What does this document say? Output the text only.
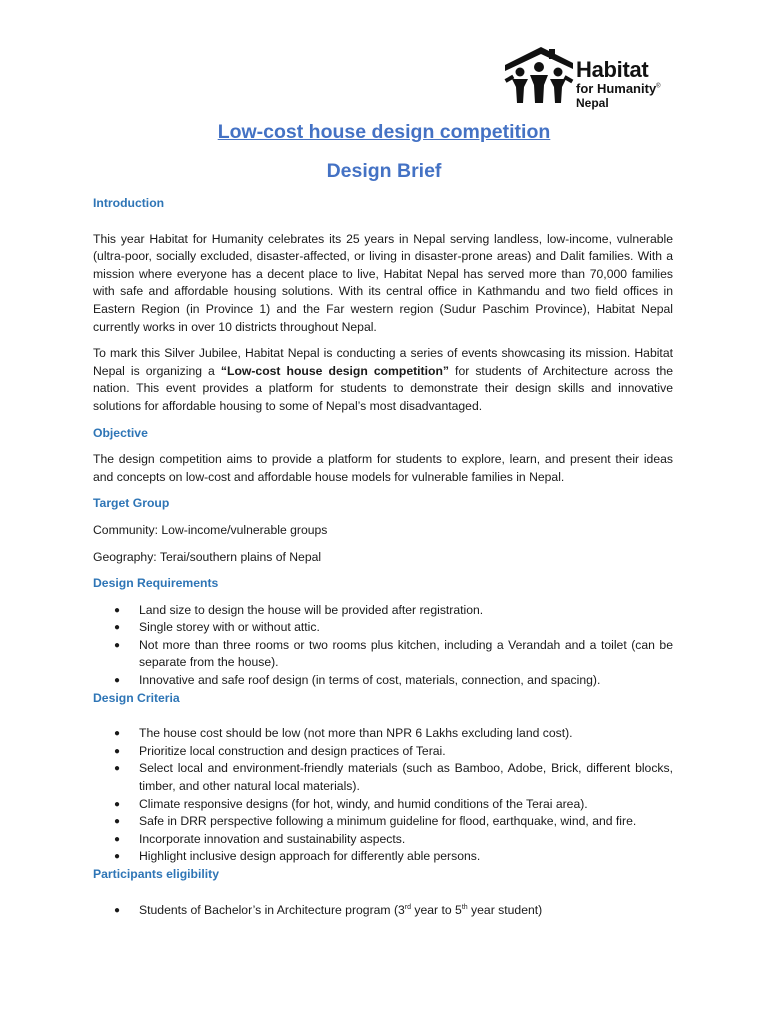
Habitat
for Humanity®
Nepal
Low-cost house design competition
Design Brief
Introduction
This year Habitat for Humanity celebrates its 25 years in Nepal serving landless, low-income, vulnerable (ultra-poor, socially excluded, disaster-affected, or living in disaster-prone areas) and Dalit families. With a mission where everyone has a decent place to live, Habitat Nepal has served more than 70,000 families with safe and affordable housing solutions. With its central office in Kathmandu and two field offices in Eastern Region (in Province 1) and the Far western region (Sudur Paschim Province), Habitat Nepal currently works in over 10 districts throughout Nepal.
To mark this Silver Jubilee, Habitat Nepal is conducting a series of events showcasing its mission. Habitat Nepal is organizing a “Low-cost house design competition” for students of Architecture across the nation. This event provides a platform for students to demonstrate their design skills and innovative solutions for affordable housing to some of Nepal’s most disadvantaged.
Objective
The design competition aims to provide a platform for students to explore, learn, and present their ideas and concepts on low-cost and affordable house models for vulnerable families in Nepal.
Target Group
Community: Low-income/vulnerable groups
Geography: Terai/southern plains of Nepal
Design Requirements
● Land size to design the house will be provided after registration.
● Single storey with or without attic.
● Not more than three rooms or two rooms plus kitchen, including a Verandah and a toilet (can be separate from the house).
● Innovative and safe roof design (in terms of cost, materials, connection, and spacing).
Design Criteria
● The house cost should be low (not more than NPR 6 Lakhs excluding land cost).
● Prioritize local construction and design practices of Terai.
● Select local and environment-friendly materials (such as Bamboo, Adobe, Brick, different blocks, timber, and other natural local materials).
● Climate responsive designs (for hot, windy, and humid conditions of the Terai area).
● Safe in DRR perspective following a minimum guideline for flood, earthquake, wind, and fire.
● Incorporate innovation and sustainability aspects.
● Highlight inclusive design approach for differently able persons.
Participants eligibility
● Students of Bachelor’s in Architecture program (3rd year to 5th year student)
